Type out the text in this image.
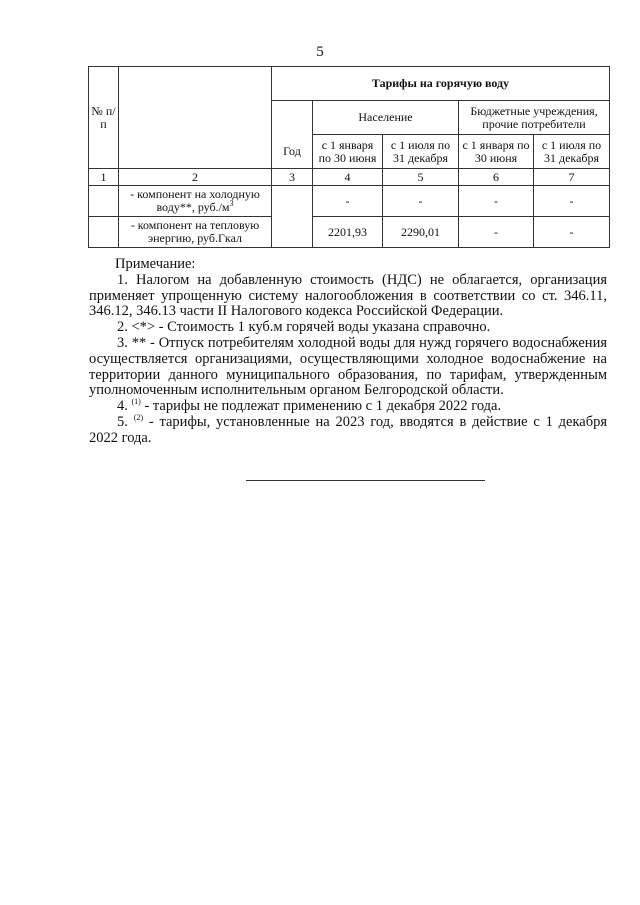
5
№ п/п		Тарифы на горячую воду				
			Население		Бюджетные учреждения, прочие потребители	
		Год	с 1 января по 30 июня	с 1 июля по 31 декабря	с 1 января по 30 июня	с 1 июля по 31 декабря
1	2	3	4	5	6	7
	- компонент на холодную воду**, $руб./м^3$		-	-	-	-
	- компонент на тепловую энергию, руб.Гкал		2201,93	2290,01	-	-

Примечание:

1. Налогом на добавленную стоимость (НДС) не облагается, организация применяет упрощенную систему налогообложения в соответствии со ст. 346.11, 346.12, 346.13 части II Налогового кодекса Российской Федерации.

2. <*> - Стоимость 1 куб.м горячей воды указана справочно.

3. ** - Отпуск потребителям холодной воды для нужд горячего водоснабжения осуществляется организациями, осуществляющими холодное водоснабжение на территории данного муниципального образования, по тарифам, утвержденным уполномоченным исполнительным органом Белгородской области.

4. $^{(1)}$ - тарифы не подлежат применению с 1 декабря 2022 года.

5. $^{(2)}$ - тарифы, установленные на 2023 год, вводятся в действие с 1 декабря 2022 года.
